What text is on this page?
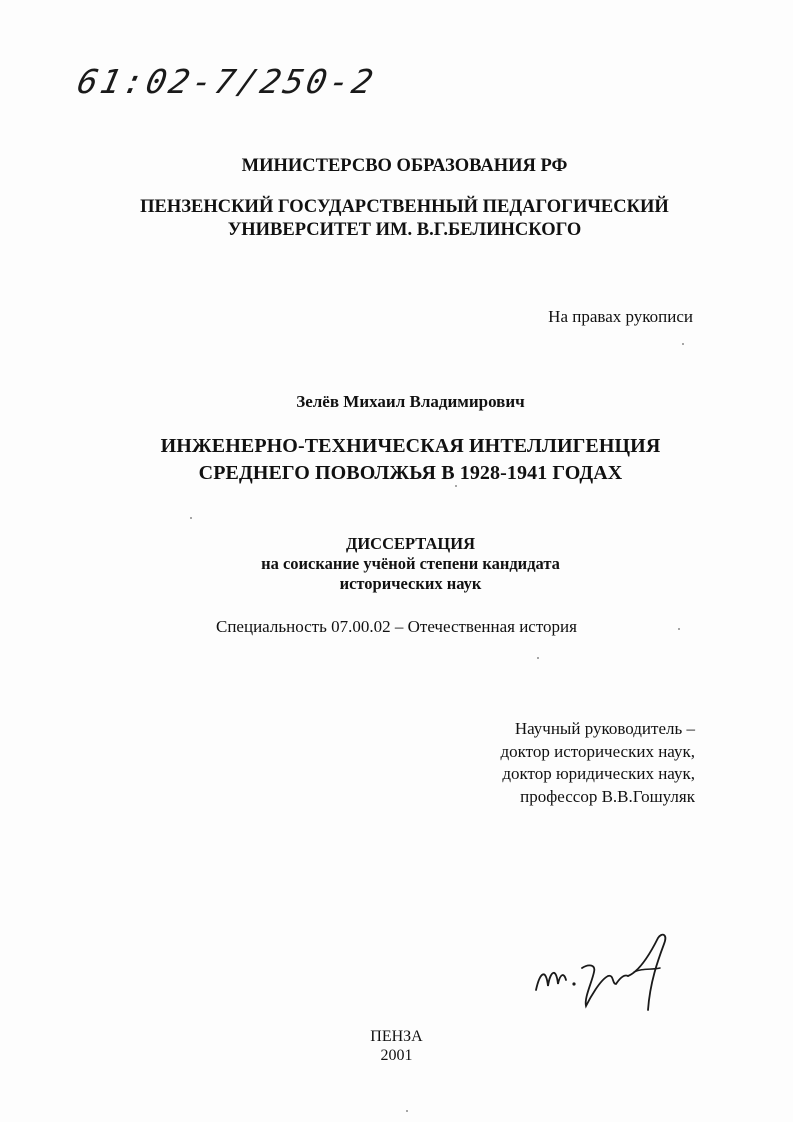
61:02-7/250-2
МИНИСТЕРСВО ОБРАЗОВАНИЯ РФ
ПЕНЗЕНСКИЙ ГОСУДАРСТВЕННЫЙ ПЕДАГОГИЧЕСКИЙ
УНИВЕРСИТЕТ ИМ. В.Г.БЕЛИНСКОГО
На правах рукописи
Зелёв Михаил Владимирович
ИНЖЕНЕРНО-ТЕХНИЧЕСКАЯ ИНТЕЛЛИГЕНЦИЯ
СРЕДНЕГО ПОВОЛЖЬЯ В 1928-1941 ГОДАХ
ДИССЕРТАЦИЯ
на соискание учёной степени кандидата
исторических наук
Специальность 07.00.02 – Отечественная история
Научный руководитель –
доктор исторических наук,
доктор юридических наук,
профессор В.В.Гошуляк
ПЕНЗА
2001
